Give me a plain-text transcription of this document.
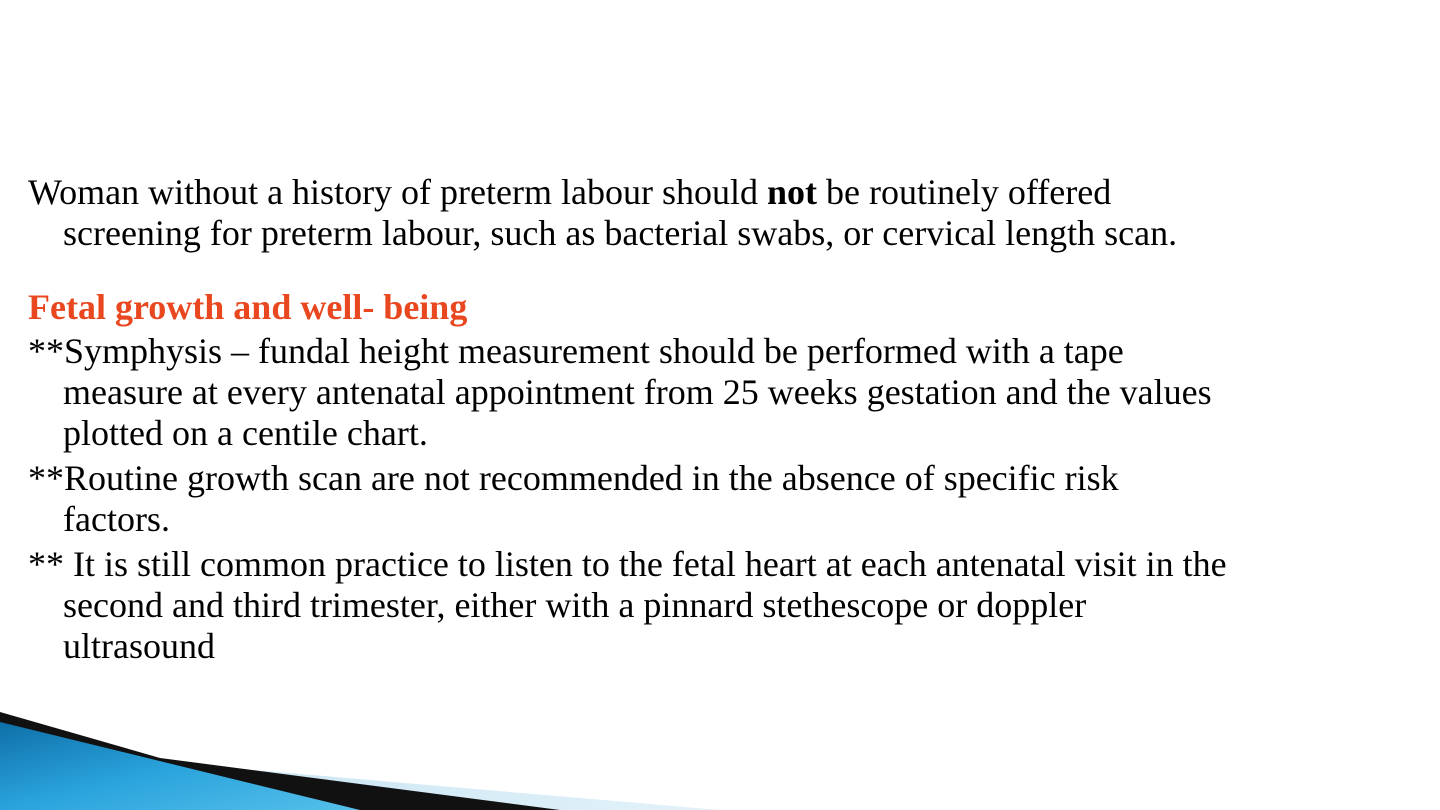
Woman without a history of preterm labour should not be routinely offered screening for preterm labour, such as bacterial swabs, or cervical length scan.

Fetal growth and well- being

**Symphysis – fundal height measurement should be performed with a tape measure at every antenatal appointment from 25 weeks gestation and the values plotted on a centile chart.

**Routine growth scan are not recommended in the absence of specific risk factors.

** It is still common practice to listen to the fetal heart at each antenatal visit in the second and third trimester, either with a pinnard stethescope or doppler ultrasound
